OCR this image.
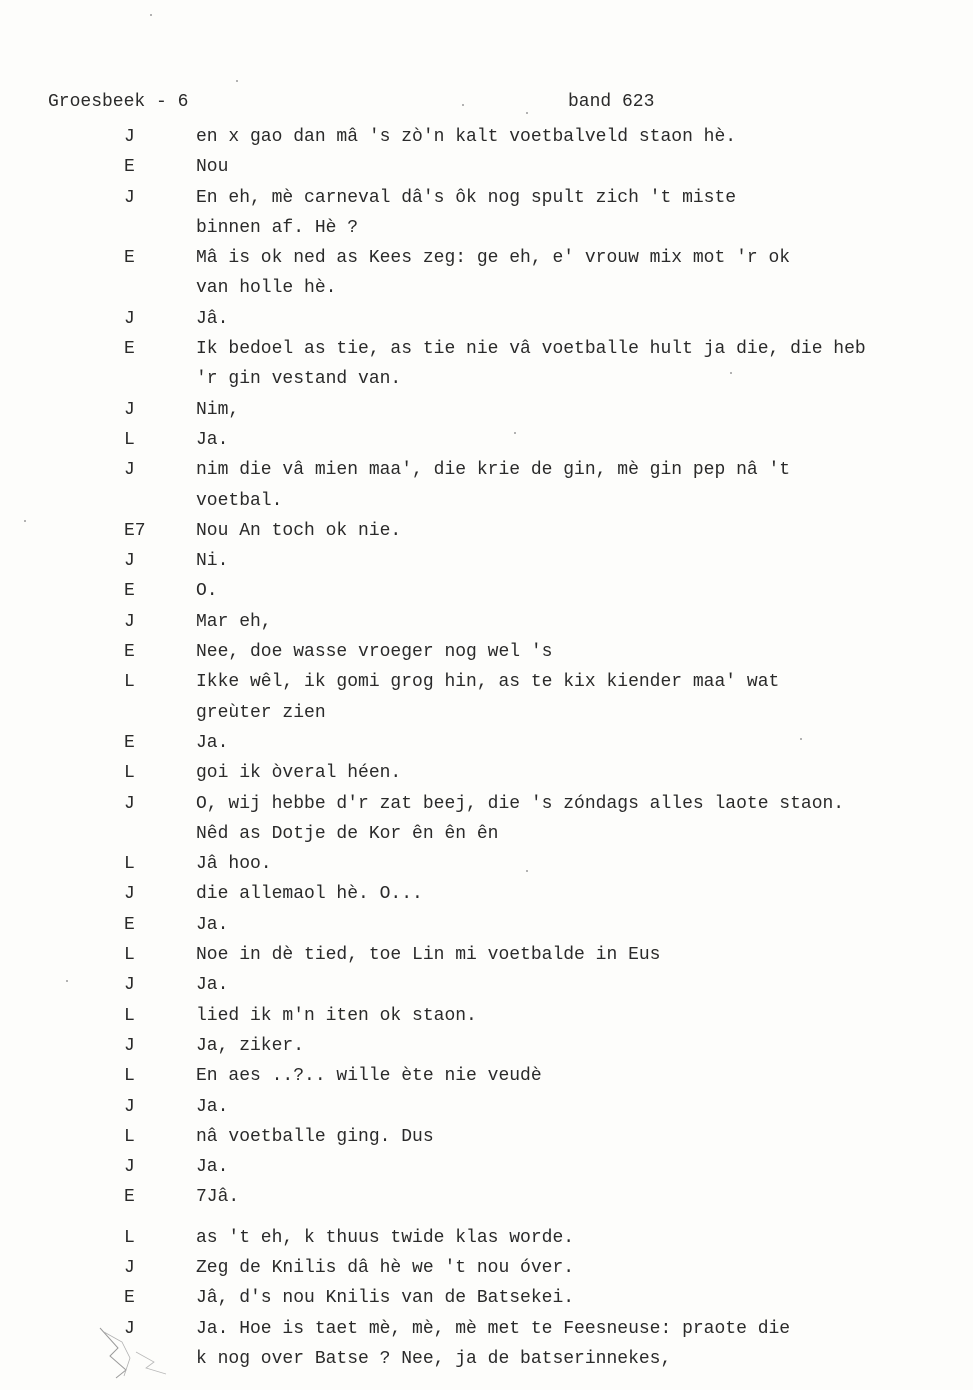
Groesbeek - 6	band 623
J	en x gao dan mâ 's zò'n kalt voetbalveld staon hè.
E	Nou
J	En eh, mè carneval dâ's ôk nog spult zich 't miste
binnen af. Hè ?
E	Mâ is ok ned as Kees zeg: ge eh, e' vrouw mix mot 'r ok
van holle hè.
J	Jâ.
E	Ik bedoel as tie, as tie nie vâ voetballe hult ja die, die heb
'r gin vestand van.
J	Nim,
L	Ja.
J	nim die vâ mien maa', die krie de gin, mè gin pep nâ 't
voetbal.
E7	Nou An toch ok nie.
J	Ni.
E	O.
J	Mar eh,
E	Nee, doe wasse vroeger nog wel 's
L	Ikke wêl, ik gomi grog hin, as te kix kiender maa' wat
greùter zien
E	Ja.
L	goi ik òveral héen.
J	O, wij hebbe d'r zat beej, die 's zóndags alles laote staon.
Nêd as Dotje de Kor ên ên ên
L	Jâ hoo.
J	die allemaol hè. O...
E	Ja.
L	Noe in dè tied, toe Lin mi voetbalde in Eus
J	Ja.
L	lied ik m'n iten ok staon.
J	Ja, ziker.
L	En aes ..?.. wille ète nie veudè
J	Ja.
L	nâ voetballe ging. Dus
J	Ja.
E	7Jâ.
L	as 't eh, k thuus twide klas worde.
J	Zeg de Knilis dâ hè we 't nou óver.
E	Jâ, d's nou Knilis van de Batsekei.
J	Ja. Hoe is taet mè, mè, mè met te Feesneuse: praote die
k nog over Batse ? Nee, ja de batserinnekes,
